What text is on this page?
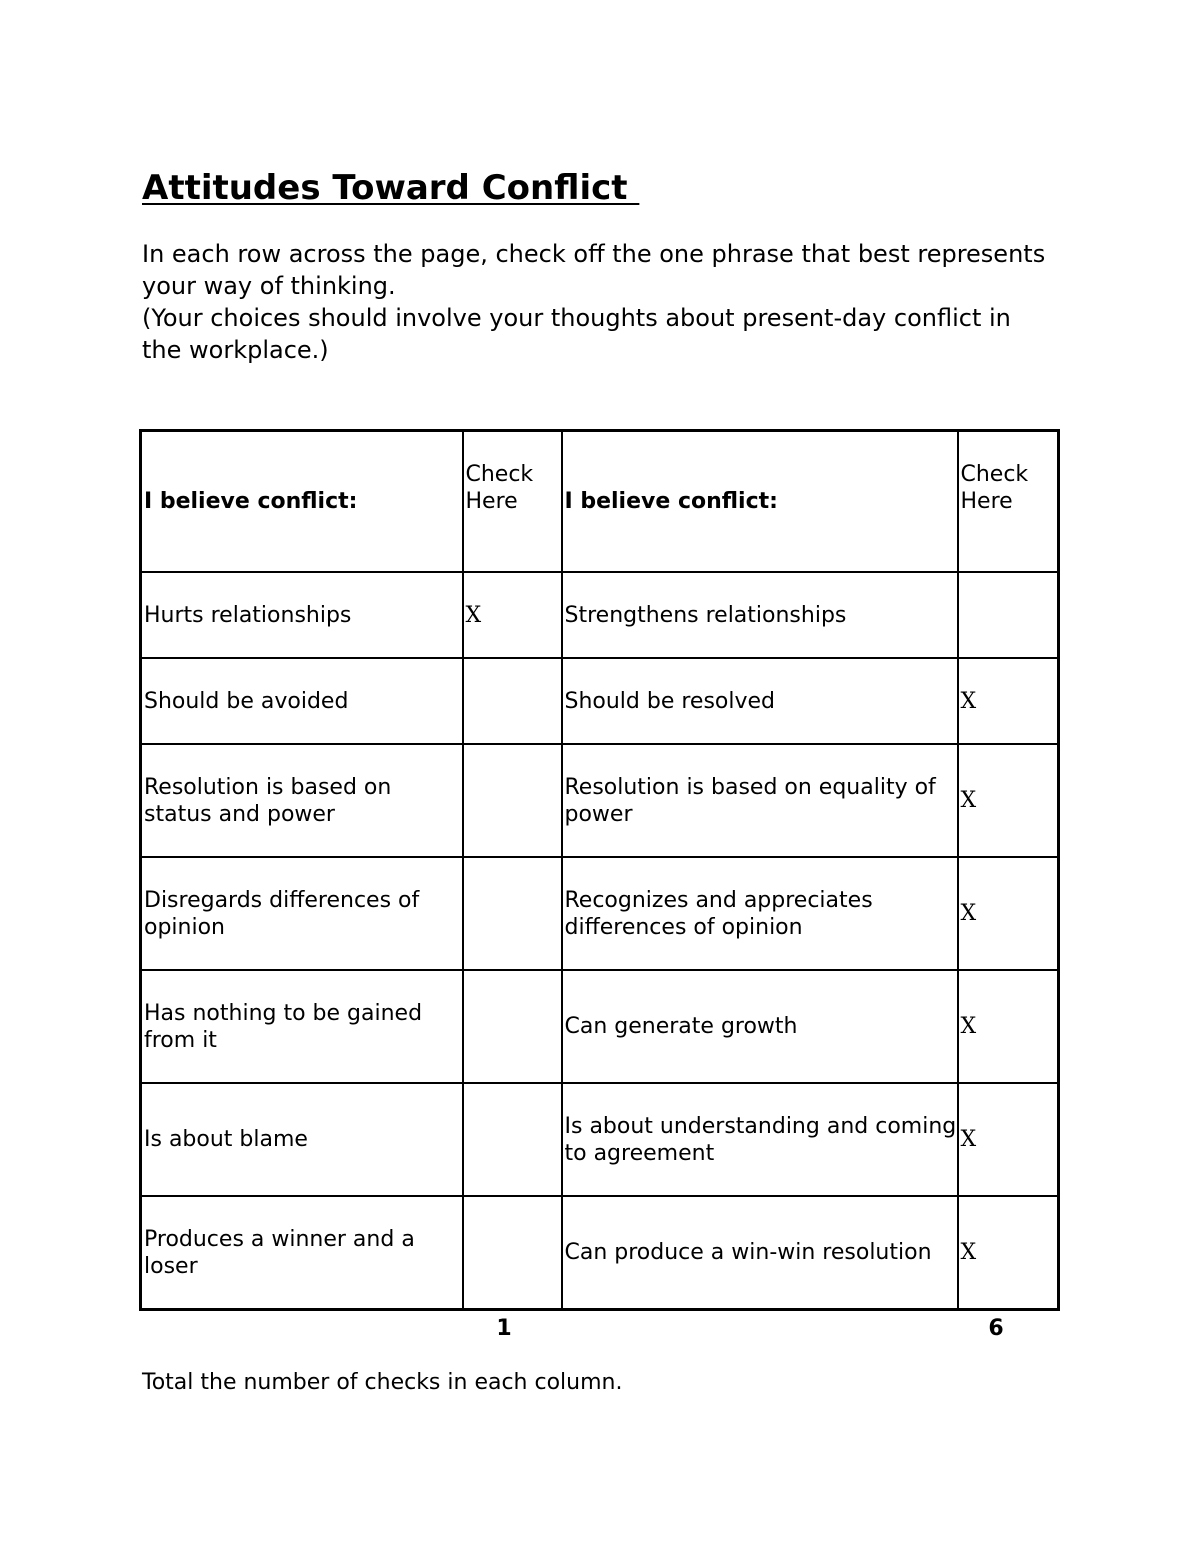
Attitudes Toward Conflict

In each row across the page, check off the one phrase that best represents your way of thinking.

(Your choices should involve your thoughts about present-day conflict in the workplace.)

I believe conflict:	Check Here	I believe conflict:	Check Here
Hurts relationships	X	Strengthens relationships	
Should be avoided		Should be resolved	X
Resolution is based on status and power		Resolution is based on equality of power	X
Disregards differences of opinion		Recognizes and appreciates differences of opinion	X
Has nothing to be gained from it		Can generate growth	X
Is about blame		Is about understanding and coming to agreement	X
Produces a winner and a loser		Can produce a win-win resolution	X
1	6

Total the number of checks in each column.
